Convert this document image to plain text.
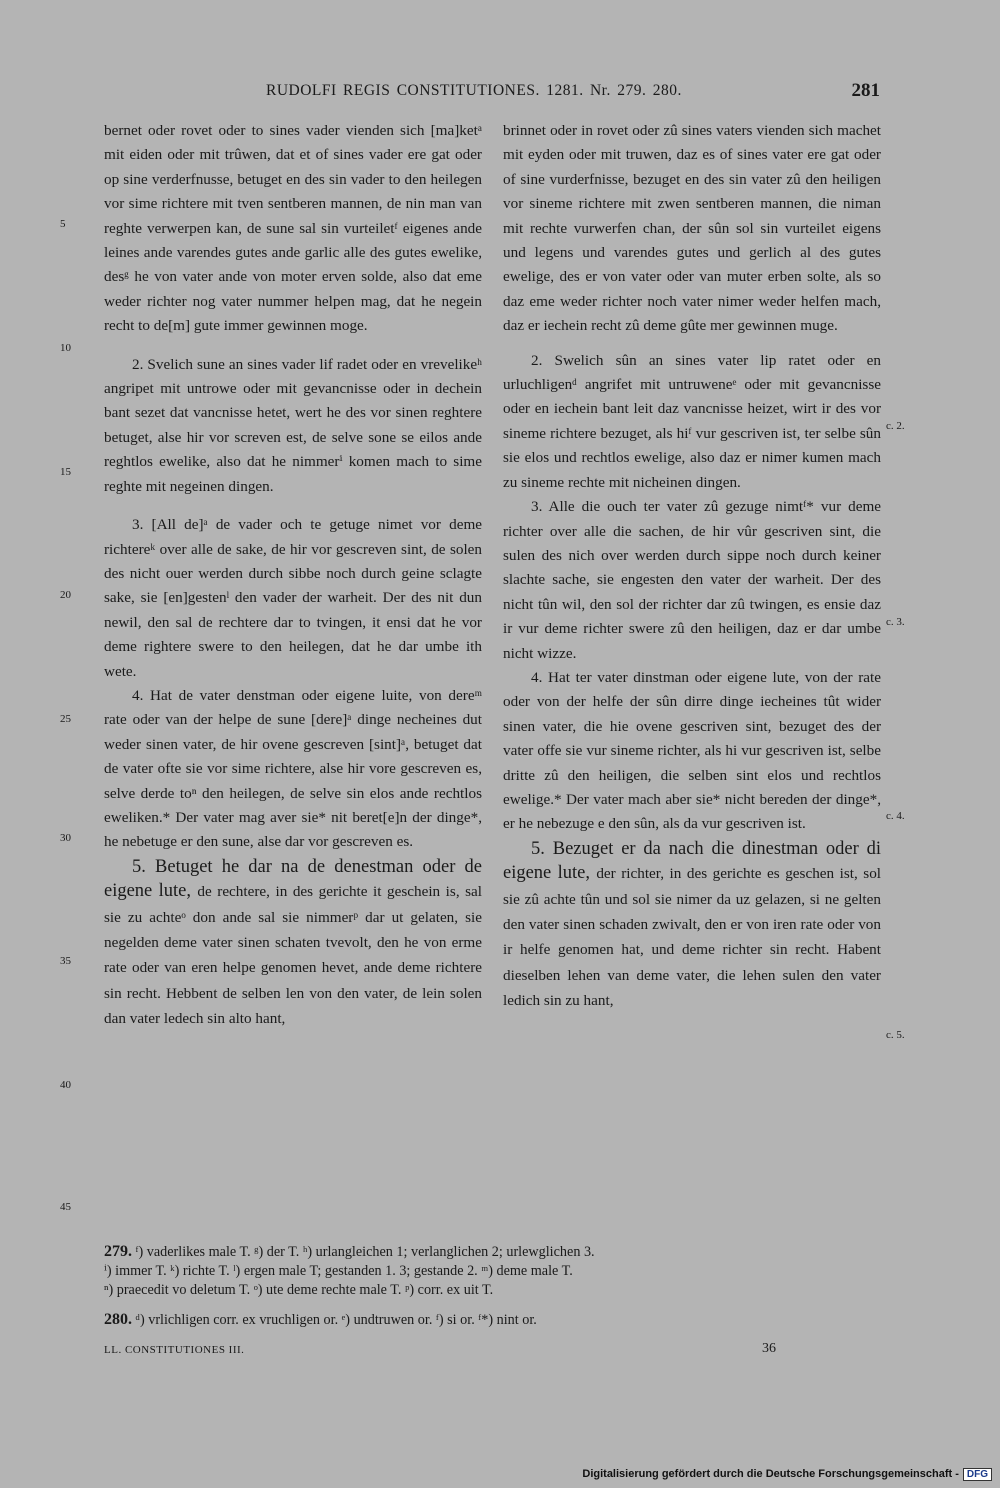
RUDOLFI REGIS CONSTITUTIONES. 1281. Nr. 279. 280.	281
5
10
15
20
25
30
35
40
45

bernet oder rovet oder to sines vader vienden sich [ma]ketᵃ mit eiden oder mit trûwen, dat et of sines vader ere gat oder op sine verderfnusse, betuget en des sin vader to den heilegen vor sime richtere mit tven sentberen mannen, de nin man van reghte verwerpen kan, de sune sal sin vurteiletᶠ eigenes ande leines ande varendes gutes ande garlic alle des gutes ewelike, desᵍ he von vater ande von moter erven solde, also dat eme weder richter nog vater nummer helpen mag, dat he negein recht to de[m] gute immer gewinnen moge.

2. Svelich sune an sines vader lif radet oder en vrevelikeʰ angripet mit untrowe oder mit gevancnisse oder in dechein bant sezet dat vancnisse hetet, wert he des vor sinen reghtere betuget, alse hir vor screven est, de selve sone se eilos ande reghtlos ewelike, also dat he nimmerⁱ komen mach to sime reghte mit negeinen dingen.

3. [All de]ᵃ de vader och te getuge nimet vor deme richtereᵏ over alle de sake, de hir vor gescreven sint, de solen des nicht ouer werden durch sibbe noch durch geine sclagte sake, sie [en]gestenˡ den vader der warheit. Der des nit dun newil, den sal de rechtere dar to tvingen, it ensi dat he vor deme rightere swere to den heilegen, dat he dar umbe ith wete.

4. Hat de vater denstman oder eigene luite, von dereᵐ rate oder van der helpe de sune [dere]ᵃ dinge necheines dut weder sinen vater, de hir ovene gescreven [sint]ᵃ, betuget dat de vater ofte sie vor sime richtere, alse hir vore gescreven es, selve derde toⁿ den heilegen, de selve sin elos ande rechtlos eweliken.* Der vater mag aver sie* nit beret[e]n der dinge*, he nebetuge er den sune, alse dar vor gescreven es.

5. Betuget he dar na de denestman oder de eigene lute, de rechtere, in des gerichte it geschein is, sal sie zu achteᵒ don ande sal sie nimmerᵖ dar ut gelaten, sie negelden deme vater sinen schaten tvevolt, den he von erme rate oder van eren helpe genomen hevet, ande deme richtere sin recht. Hebbent de selben len von den vater, de lein solen dan vater ledech sin alto hant,

brinnet oder in rovet oder zû sines vaters vienden sich machet mit eyden oder mit truwen, daz es of sines vater ere gat oder of sine vurderfnisse, bezuget en des sin vater zû den heiligen vor sineme richtere mit zwen sentberen mannen, die niman mit rechte vurwerfen chan, der sûn sol sin vurteilet eigens und legens und varendes gutes und gerlich al des gutes ewelige, des er von vater oder van muter erben solte, als so daz eme weder richter noch vater nimer weder helfen mach, daz er iechein recht zû deme gûte mer gewinnen muge.

2. Swelich sûn an sines vater lip ratet oder en urluchligenᵈ angrifet mit untruweneᵉ oder mit gevancnisse oder en iechein bant leit daz vancnisse heizet, wirt ir des vor sineme richtere bezuget, als hiᶠ vur gescriven ist, ter selbe sûn sie elos und rechtlos ewelige, also daz er nimer kumen mach zu sineme rechte mit nicheinen dingen.

3. Alle die ouch ter vater zû gezuge nimtᶠ* vur deme richter over alle die sachen, de hir vûr gescriven sint, die sulen des nich over werden durch sippe noch durch keiner slachte sache, sie engesten den vater der warheit. Der des nicht tûn wil, den sol der richter dar zû twingen, es ensie daz ir vur deme richter swere zû den heiligen, daz er dar umbe nicht wizze.

4. Hat ter vater dinstman oder eigene lute, von der rate oder von der helfe der sûn dirre dinge iecheines tût wider sinen vater, die hie ovene gescriven sint, bezuget des der vater offe sie vur sineme richter, als hi vur gescriven ist, selbe dritte zû den heiligen, die selben sint elos und rechtlos ewelige.* Der vater mach aber sie* nicht bereden der dinge*, er he nebezuge e den sûn, als da vur gescriven ist.

5. Bezuget er da nach die dinestman oder di eigene lute, der richter, in des gerichte es geschen ist, sol sie zû achte tûn und sol sie nimer da uz gelazen, si ne gelten den vater sinen schaden zwivalt, den er von iren rate oder von ir helfe genomen hat, und deme richter sin recht. Habent dieselben lehen van deme vater, die lehen sulen den vater ledich sin zu hant,

c. 2.
c. 3.
c. 4.
c. 5.

279. ᶠ) vaderlikes male T. ᵍ) der T. ʰ) urlangleichen 1; verlanglichen 2; urlewglichen 3.

ⁱ) immer T. ᵏ) richte T. ˡ) ergen male T; gestanden 1. 3; gestande 2. ᵐ) deme male T.

ⁿ) praecedit vo deletum T. ᵒ) ute deme rechte male T. ᵖ) corr. ex uit T.

280. ᵈ) vrlichligen corr. ex vruchligen or. ᵉ) undtruwen or. ᶠ) si or. ᶠ*) nint or.

LL. CONSTITUTIONES III.	36
Digitalisierung gefördert durch die Deutsche Forschungsgemeinschaft - DFG
